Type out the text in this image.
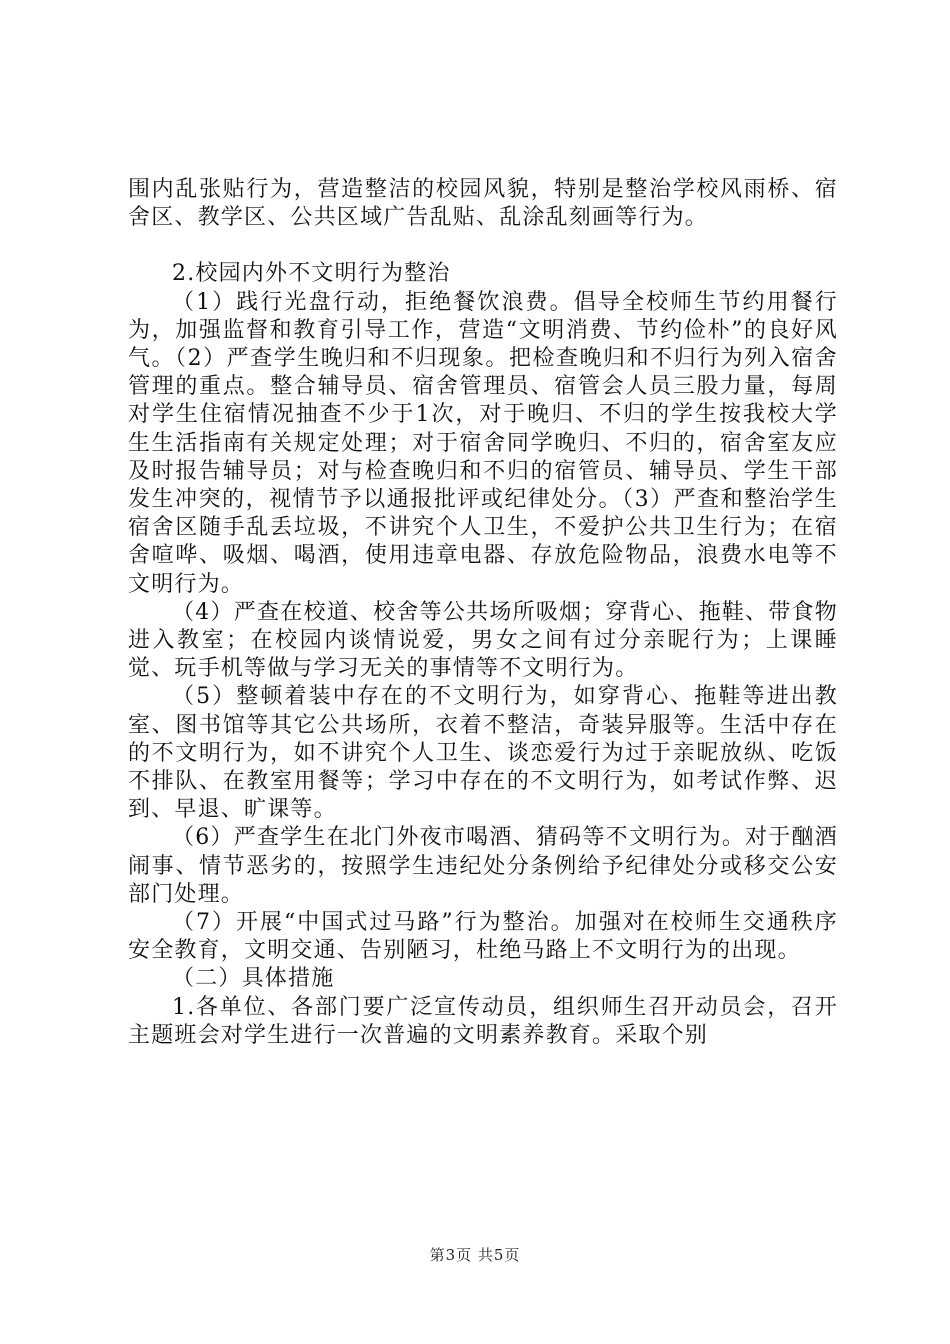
围内乱张贴行为，营造整洁的校园风貌，特别是整治学校风雨桥、宿舍区、教学区、公共区域广告乱贴、乱涂乱刻画等行为。

2.校园内外不文明行为整治

（1）践行光盘行动，拒绝餐饮浪费。倡导全校师生节约用餐行为，加强监督和教育引导工作，营造“文明消费、节约俭朴”的良好风气。（2）严查学生晚归和不归现象。把检查晚归和不归行为列入宿舍管理的重点。整合辅导员、宿舍管理员、宿管会人员三股力量，每周对学生住宿情况抽查不少于1次，对于晚归、不归的学生按我校大学生生活指南有关规定处理；对于宿舍同学晚归、不归的，宿舍室友应及时报告辅导员；对与检查晚归和不归的宿管员、辅导员、学生干部发生冲突的，视情节予以通报批评或纪律处分。（3）严查和整治学生宿舍区随手乱丢垃圾，不讲究个人卫生，不爱护公共卫生行为；在宿舍喧哗、吸烟、喝酒，使用违章电器、存放危险物品，浪费水电等不文明行为。

（4）严查在校道、校舍等公共场所吸烟；穿背心、拖鞋、带食物进入教室；在校园内谈情说爱，男女之间有过分亲昵行为；上课睡觉、玩手机等做与学习无关的事情等不文明行为。

（5）整顿着装中存在的不文明行为，如穿背心、拖鞋等进出教室、图书馆等其它公共场所，衣着不整洁，奇装异服等。生活中存在的不文明行为，如不讲究个人卫生、谈恋爱行为过于亲昵放纵、吃饭不排队、在教室用餐等；学习中存在的不文明行为，如考试作弊、迟到、早退、旷课等。

（6）严查学生在北门外夜市喝酒、猜码等不文明行为。对于酗酒闹事、情节恶劣的，按照学生违纪处分条例给予纪律处分或移交公安部门处理。

（7）开展“中国式过马路”行为整治。加强对在校师生交通秩序安全教育，文明交通、告别陋习，杜绝马路上不文明行为的出现。

（二）具体措施

1.各单位、各部门要广泛宣传动员，组织师生召开动员会，召开主题班会对学生进行一次普遍的文明素养教育。采取个别

第3页 共5页
